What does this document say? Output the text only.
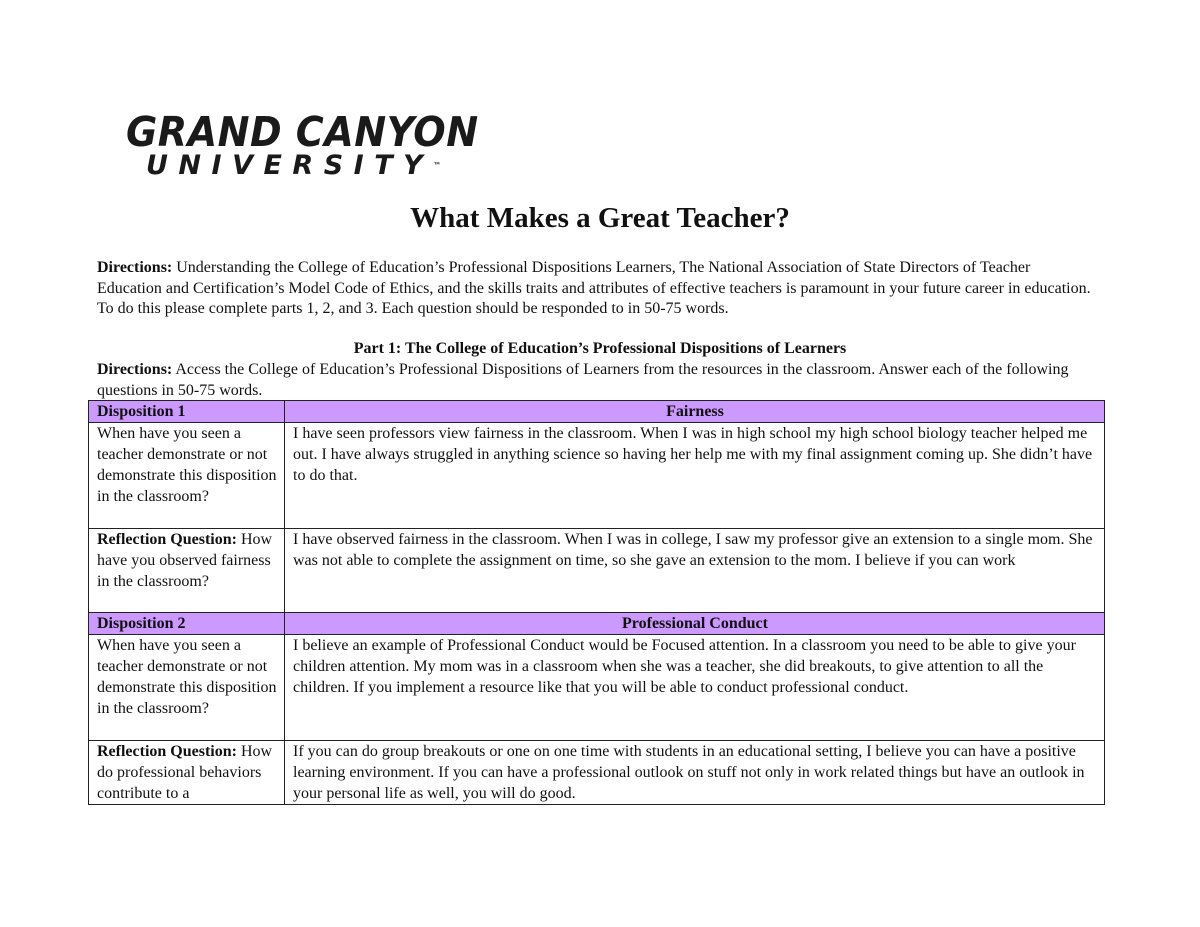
GRAND CANYON
UNIVERSITY™
What Makes a Great Teacher?
Directions: Understanding the College of Education’s Professional Dispositions Learners, The National Association of State Directors of Teacher Education and Certification’s Model Code of Ethics, and the skills traits and attributes of effective teachers is paramount in your future career in education. To do this please complete parts 1, 2, and 3. Each question should be responded to in 50-75 words.
Part 1: The College of Education’s Professional Dispositions of Learners
Directions: Access the College of Education’s Professional Dispositions of Learners from the resources in the classroom. Answer each of the following questions in 50-75 words.
Disposition 1	Fairness
When have you seen a teacher demonstrate or not demonstrate this disposition in the classroom?	I have seen professors view fairness in the classroom. When I was in high school my high school biology teacher helped me out. I have always struggled in anything science so having her help me with my final assignment coming up. She didn’t have to do that.
Reflection Question: How have you observed fairness in the classroom?	I have observed fairness in the classroom. When I was in college, I saw my professor give an extension to a single mom. She was not able to complete the assignment on time, so she gave an extension to the mom. I believe if you can work
Disposition 2	Professional Conduct
When have you seen a teacher demonstrate or not demonstrate this disposition in the classroom?	I believe an example of Professional Conduct would be Focused attention. In a classroom you need to be able to give your children attention. My mom was in a classroom when she was a teacher, she did breakouts, to give attention to all the children. If you implement a resource like that you will be able to conduct professional conduct.
Reflection Question: How do professional behaviors contribute to a	If you can do group breakouts or one on one time with students in an educational setting, I believe you can have a positive learning environment. If you can have a professional outlook on stuff not only in work related things but have an outlook in your personal life as well, you will do good.
